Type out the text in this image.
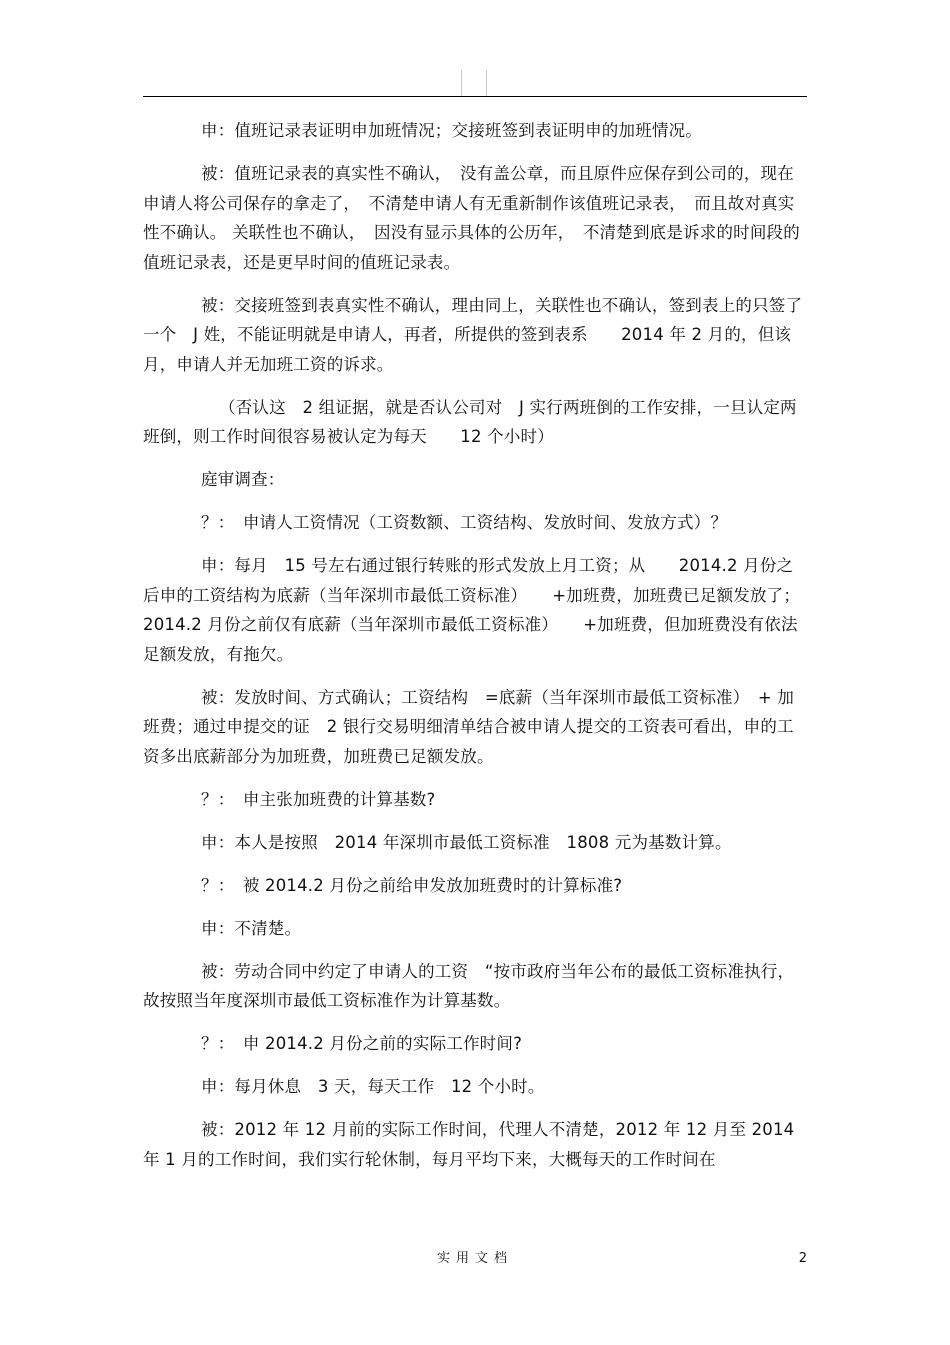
申：值班记录表证明申加班情况；交接班签到表证明申的加班情况。

被：值班记录表的真实性不确认，　没有盖公章，而且原件应保存到公司的，现在申请人将公司保存的拿走了，　不清楚申请人有无重新制作该值班记录表，　而且故对真实性不确认。 关联性也不确认，　因没有显示具体的公历年，　不清楚到底是诉求的时间段的值班记录表，还是更早时间的值班记录表。

被：交接班签到表真实性不确认，理由同上，关联性也不确认，签到表上的只签了一个　J 姓，不能证明就是申请人，再者，所提供的签到表系　　2014 年 2 月的，但该月，申请人并无加班工资的诉求。

（否认这　2 组证据，就是否认公司对　J 实行两班倒的工作安排，一旦认定两班倒，则工作时间很容易被认定为每天　　12 个小时）

庭审调查：

？：　申请人工资情况（工资数额、工资结构、发放时间、发放方式）？

申：每月　15 号左右通过银行转账的形式发放上月工资；从　　2014.2 月份之后申的工资结构为底薪（当年深圳市最低工资标准）　　+加班费，加班费已足额发放了；2014.2 月份之前仅有底薪（当年深圳市最低工资标准）　　+加班费，但加班费没有依法足额发放，有拖欠。

被：发放时间、方式确认；工资结构　=底薪（当年深圳市最低工资标准）　+ 加班费；通过申提交的证　2 银行交易明细清单结合被申请人提交的工资表可看出，申的工资多出底薪部分为加班费，加班费已足额发放。

？：　申主张加班费的计算基数?

申：本人是按照　2014 年深圳市最低工资标准　1808 元为基数计算。

？：　被 2014.2 月份之前给申发放加班费时的计算标准?

申：不清楚。

被：劳动合同中约定了申请人的工资　“按市政府当年公布的最低工资标准执行，故按照当年度深圳市最低工资标准作为计算基数。

？：　申 2014.2 月份之前的实际工作时间?

申：每月休息　3 天，每天工作　12 个小时。

被：2012 年 12 月前的实际工作时间，代理人不清楚，2012 年 12 月至 2014 年 1 月的工作时间，我们实行轮休制，每月平均下来，大概每天的工作时间在

实用文档	2
